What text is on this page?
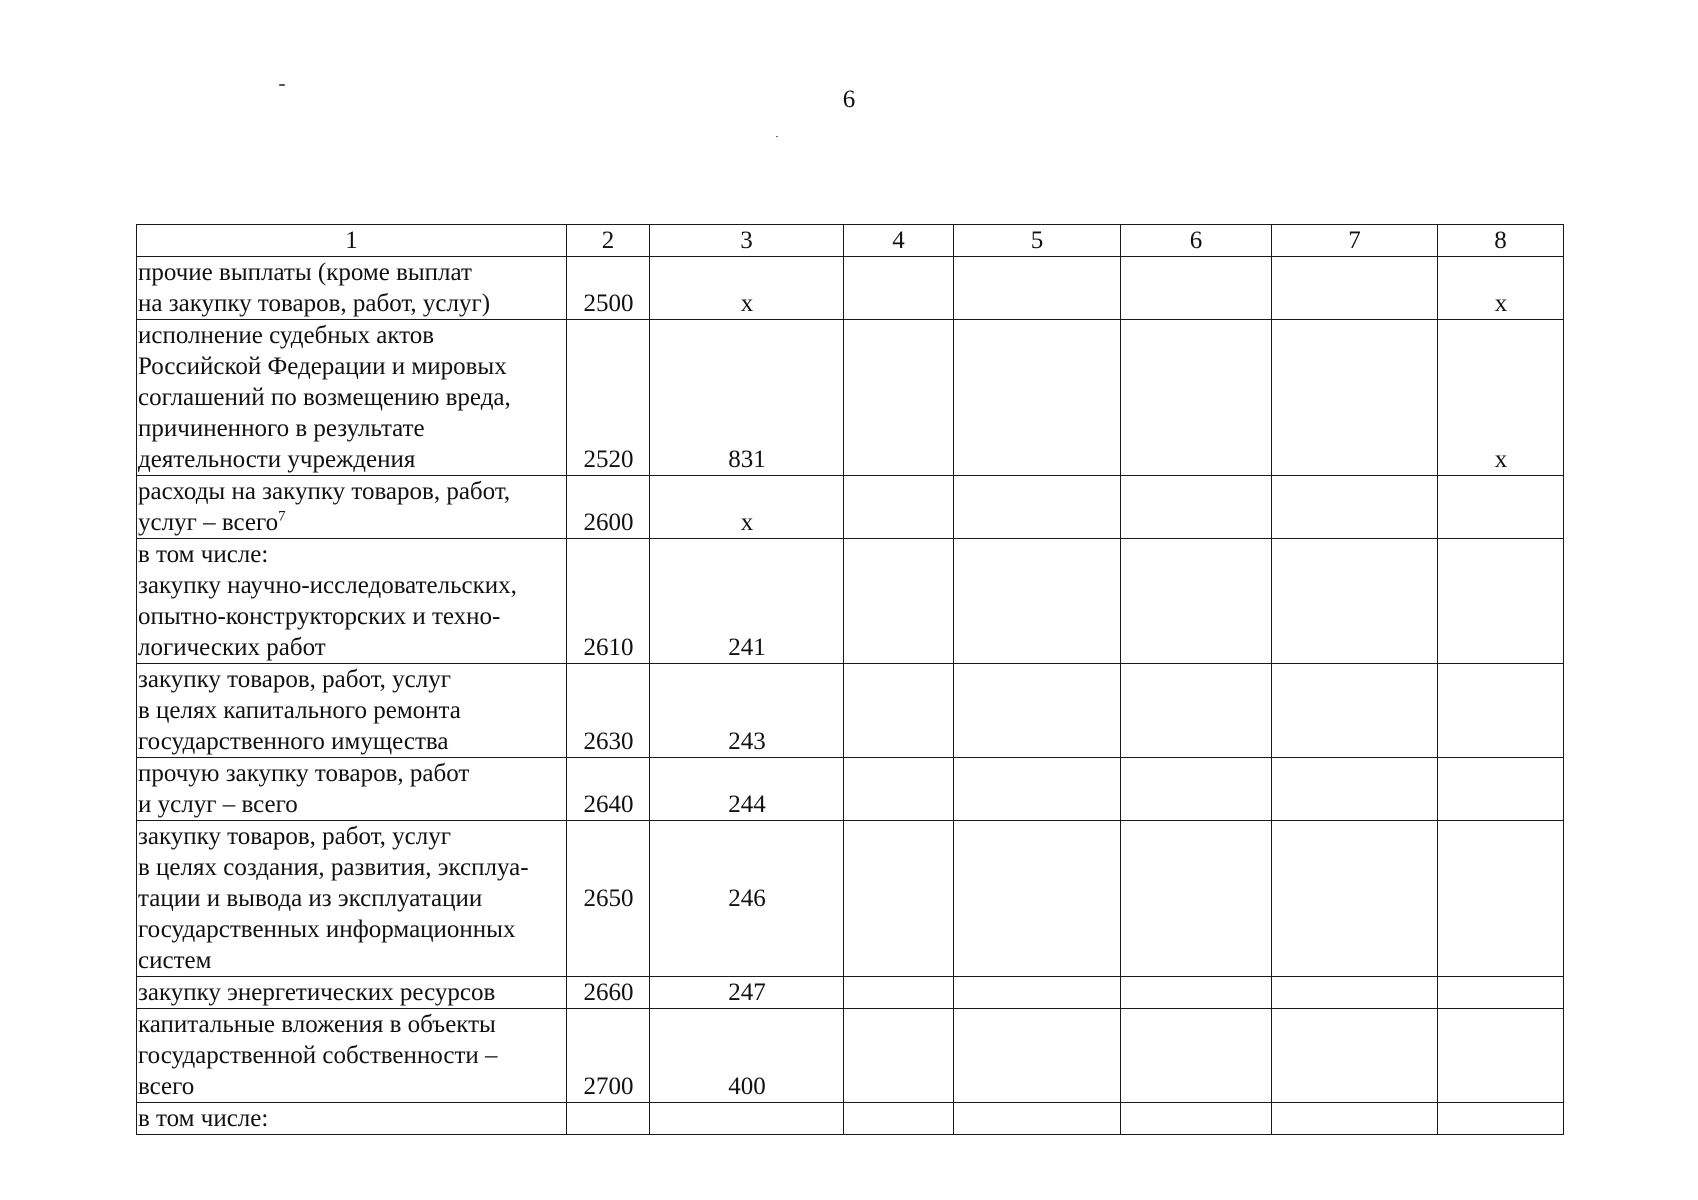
6
1	2	3	4	5	6	7	8
прочие выплаты (кроме выплат
на закупку товаров, работ, услуг)	2500	х					х
исполнение судебных актов
Российской Федерации и мировых
соглашений по возмещению вреда,
причиненного в результате
деятельности учреждения	2520	831					х
расходы на закупку товаров, работ,
услуг – всего$^7$	2600	х					
в том числе:
закупку научно-исследовательских,
опытно-конструкторских и техно-
логических работ	2610	241					
закупку товаров, работ, услуг
в целях капитального ремонта
государственного имущества	2630	243					
прочую закупку товаров, работ
и услуг – всего	2640	244					
закупку товаров, работ, услуг
в целях создания, развития, эксплуа-
тации и вывода из эксплуатации
государственных информационных
систем	2650	246					
закупку энергетических ресурсов	2660	247					
капитальные вложения в объекты
государственной собственности –
всего	2700	400					
в том числе:							
